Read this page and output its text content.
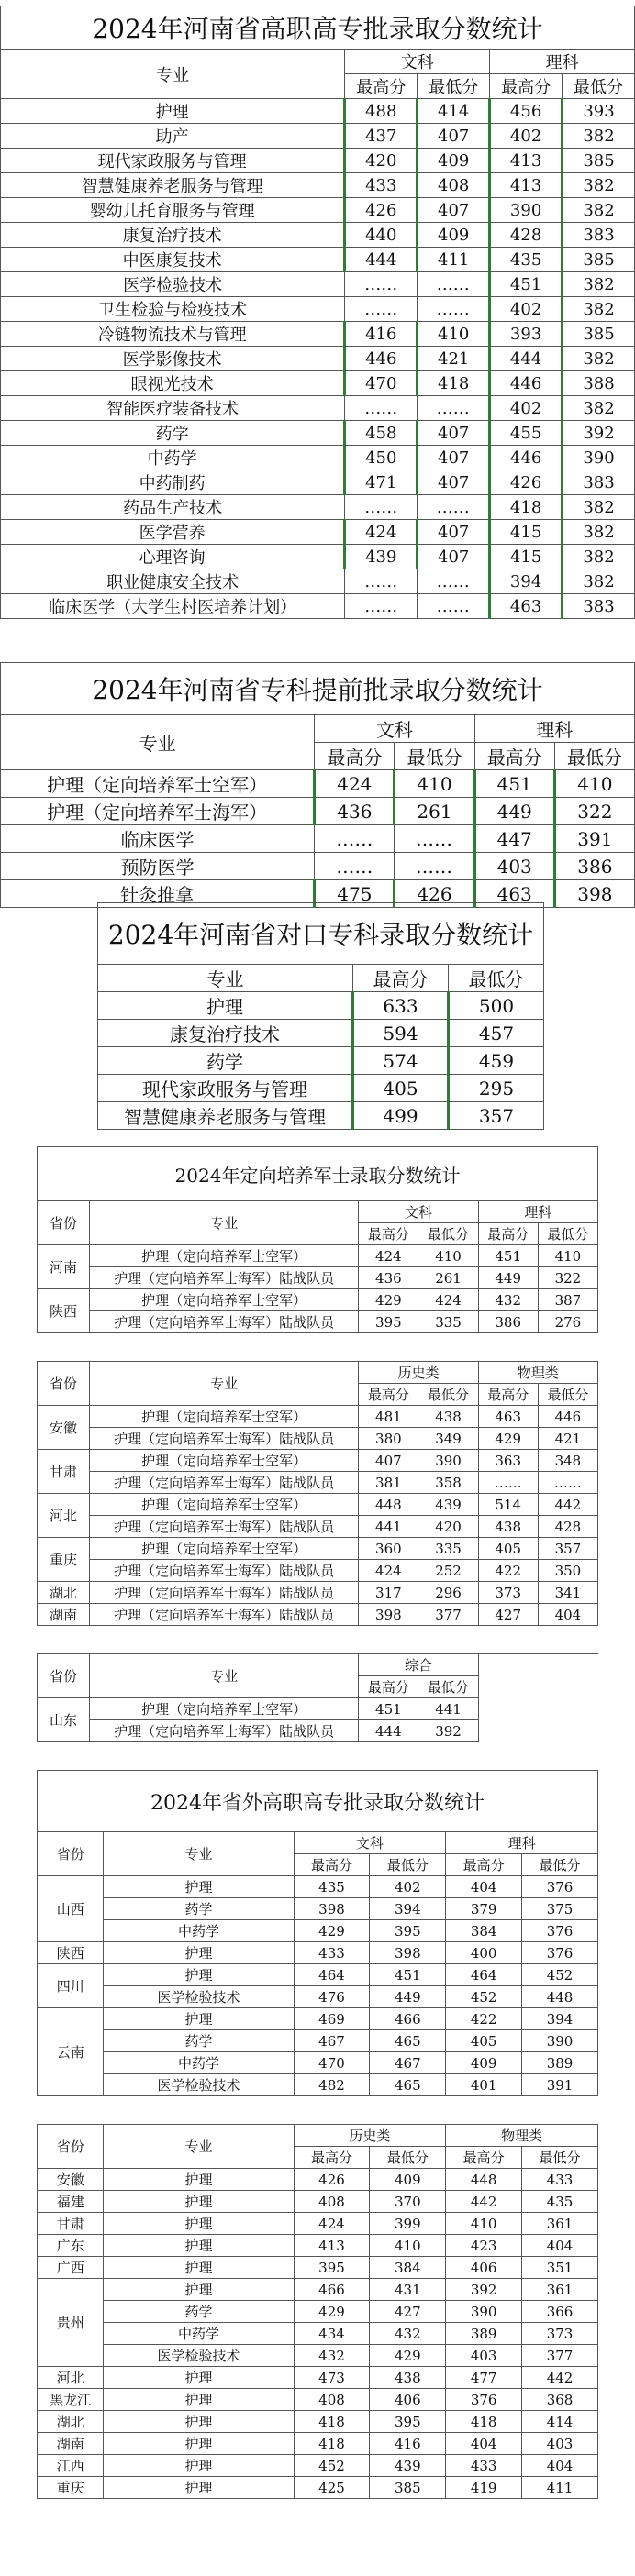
2024年河南省高职高专批录取分数统计				
专业	文科		理科	
	最高分	最低分	最高分	最低分
护理	488	414	456	393
助产	437	407	402	382
现代家政服务与管理	420	409	413	385
智慧健康养老服务与管理	433	408	413	382
婴幼儿托育服务与管理	426	407	390	382
康复治疗技术	440	409	428	383
中医康复技术	444	411	435	385
医学检验技术	……	……	451	382
卫生检验与检疫技术	……	……	402	382
冷链物流技术与管理	416	410	393	385
医学影像技术	446	421	444	382
眼视光技术	470	418	446	388
智能医疗装备技术	……	……	402	382
药学	458	407	455	392
中药学	450	407	446	390
中药制药	471	407	426	383
药品生产技术	……	……	418	382
医学营养	424	407	415	382
心理咨询	439	407	415	382
职业健康安全技术	……	……	394	382
临床医学（大学生村医培养计划）	……	……	463	383
2024年河南省专科提前批录取分数统计				
专业	文科		理科	
	最高分	最低分	最高分	最低分
护理（定向培养军士空军）	424	410	451	410
护理（定向培养军士海军）	436	261	449	322
临床医学	……	……	447	391
预防医学	……	……	403	386
针灸推拿	475	426	463	398
2024年河南省对口专科录取分数统计		
专业	最高分	最低分
护理	633	500
康复治疗技术	594	457
药学	574	459
现代家政服务与管理	405	295
智慧健康养老服务与管理	499	357
2024年定向培养军士录取分数统计					
省份	专业	文科		理科	
		最高分	最低分	最高分	最低分
河南	护理（定向培养军士空军）	424	410	451	410
	护理（定向培养军士海军）陆战队员	436	261	449	322
陕西	护理（定向培养军士空军）	429	424	432	387
	护理（定向培养军士海军）陆战队员	395	335	386	276

省份	专业	历史类		物理类	
		最高分	最低分	最高分	最低分
安徽	护理（定向培养军士空军）	481	438	463	446
	护理（定向培养军士海军）陆战队员	380	349	429	421
甘肃	护理（定向培养军士空军）	407	390	363	348
	护理（定向培养军士海军）陆战队员	381	358	……	……
河北	护理（定向培养军士空军）	448	439	514	442
	护理（定向培养军士海军）陆战队员	441	420	438	428
重庆	护理（定向培养军士空军）	360	335	405	357
	护理（定向培养军士海军）陆战队员	424	252	422	350
湖北	护理（定向培养军士海军）陆战队员	317	296	373	341
湖南	护理（定向培养军士海军）陆战队员	398	377	427	404

省份	专业	综合			
		最高分	最低分		
山东	护理（定向培养军士空军）	451	441		
	护理（定向培养军士海军）陆战队员	444	392		
2024年省外高职高专批录取分数统计					
省份	专业	文科		理科	
		最高分	最低分	最高分	最低分
山西	护理	435	402	404	376
	药学	398	394	379	375
	中药学	429	395	384	376
陕西	护理	433	398	400	376
四川	护理	464	451	464	452
	医学检验技术	476	449	452	448
云南	护理	469	466	422	394
	药学	467	465	405	390
	中药学	470	467	409	389
	医学检验技术	482	465	401	391

省份	专业	历史类		物理类	
		最高分	最低分	最高分	最低分
安徽	护理	426	409	448	433
福建	护理	408	370	442	435
甘肃	护理	424	399	410	361
广东	护理	413	410	423	404
广西	护理	395	384	406	351
贵州	护理	466	431	392	361
	药学	429	427	390	366
	中药学	434	432	389	373
	医学检验技术	432	429	403	377
河北	护理	473	438	477	442
黑龙江	护理	408	406	376	368
湖北	护理	418	395	418	414
湖南	护理	418	416	404	403
江西	护理	452	439	433	404
重庆	护理	425	385	419	411
